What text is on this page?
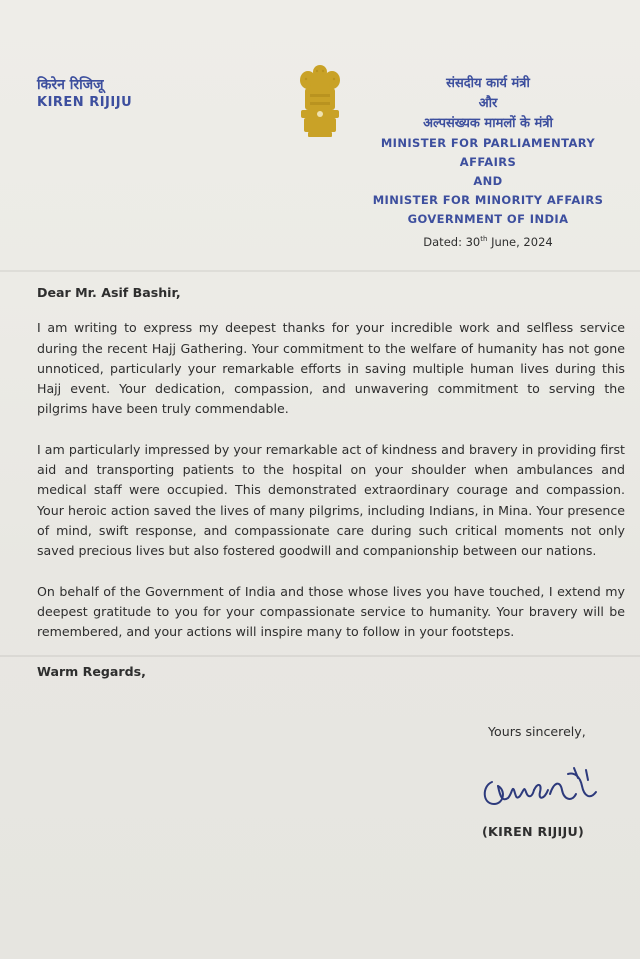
किरेन रिजिजू
KIREN RIJIJU
संसदीय कार्य मंत्री
और
अल्पसंख्यक मामलों के मंत्री
MINISTER FOR PARLIAMENTARY
AFFAIRS
AND
MINISTER FOR MINORITY AFFAIRS
GOVERNMENT OF INDIA
Dated: 30th June, 2024
Dear Mr. Asif Bashir,

I am writing to express my deepest thanks for your incredible work and selfless service during the recent Hajj Gathering. Your commitment to the welfare of humanity has not gone unnoticed, particularly your remarkable efforts in saving multiple human lives during this Hajj event. Your dedication, compassion, and unwavering commitment to serving the pilgrims have been truly commendable.

I am particularly impressed by your remarkable act of kindness and bravery in providing first aid and transporting patients to the hospital on your shoulder when ambulances and medical staff were occupied. This demonstrated extraordinary courage and compassion. Your heroic action saved the lives of many pilgrims, including Indians, in Mina. Your presence of mind, swift response, and compassionate care during such critical moments not only saved precious lives but also fostered goodwill and companionship between our nations.

On behalf of the Government of India and those whose lives you have touched, I extend my deepest gratitude to you for your compassionate service to humanity. Your bravery will be remembered, and your actions will inspire many to follow in your footsteps.

Warm Regards,
Yours sincerely,
(KIREN RIJIJU)
